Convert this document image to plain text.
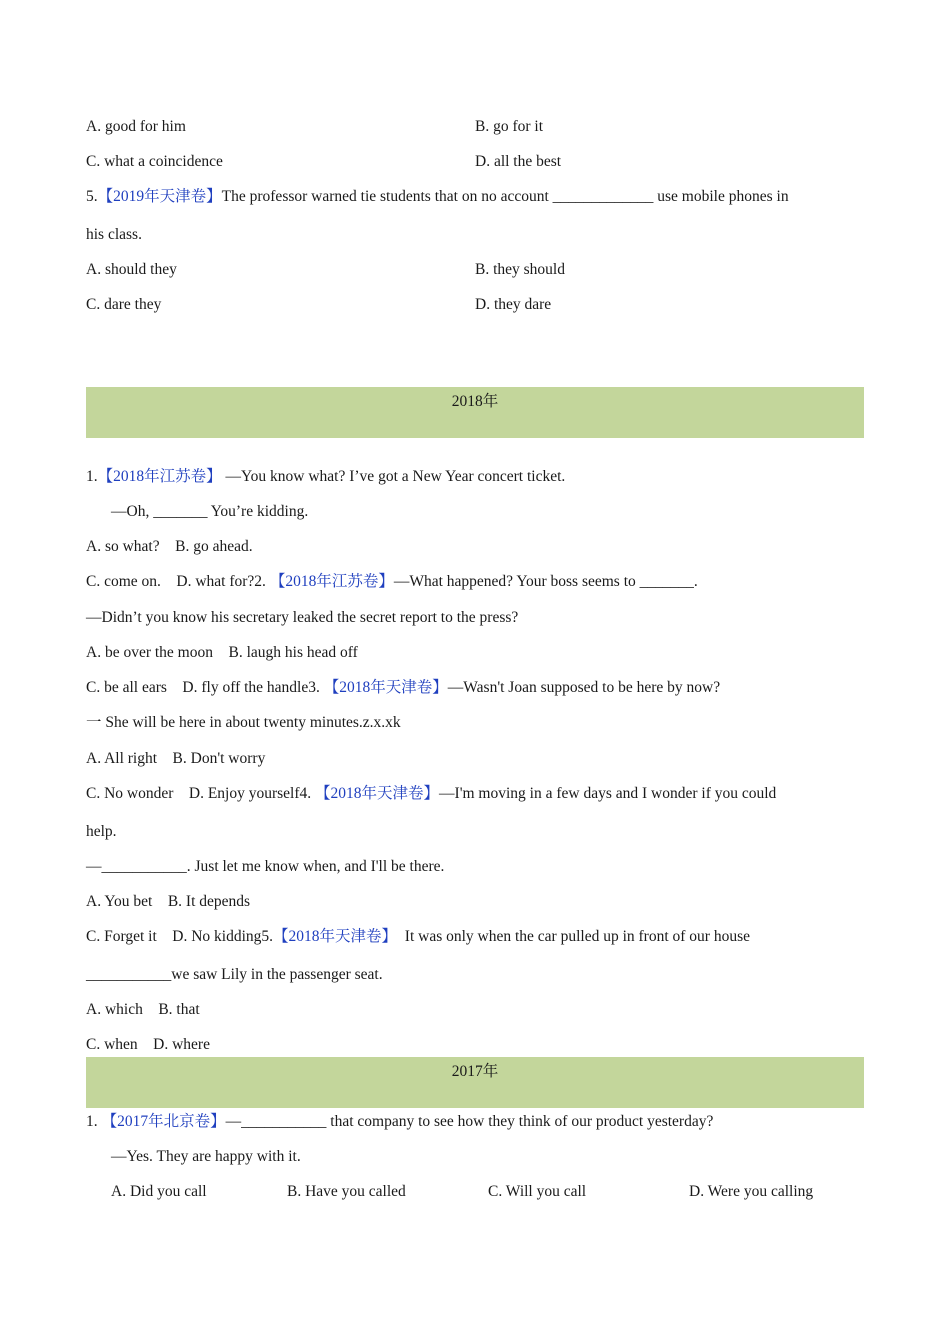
A. good for him	B. go for it
C. what a coincidence	D. all the best
5.【2019年天津卷】The professor warned tie students that on no account _____________ use mobile phones in
his class.
A. should they	B. they should
C. dare they	D. they dare
2018年
1.【2018年江苏卷】 —You know what? I’ve got a New Year concert ticket.
—Oh, _______ You’re kidding.
A. so what?    B. go ahead.
C. come on.    D. what for?2. 【2018年江苏卷】—What happened? Your boss seems to _______.
—Didn’t you know his secretary leaked the secret report to the press?
A. be over the moon    B. laugh his head off
C. be all ears    D. fly off the handle3. 【2018年天津卷】—Wasn't Joan supposed to be here by now?
一 She will be here in about twenty minutes.z.x.xk
A. All right    B. Don't worry
C. No wonder    D. Enjoy yourself4. 【2018年天津卷】—I'm moving in a few days and I wonder if you could
help.
—___________. Just let me know when, and I'll be there.
A. You bet    B. It depends
C. Forget it    D. No kidding5.【2018年天津卷】  It was only when the car pulled up in front of our house
___________we saw Lily in the passenger seat.
A. which    B. that
C. when    D. where
2017年
1. 【2017年北京卷】—___________ that company to see how they think of our product yesterday?
—Yes. They are happy with it.
A. Did you call	B. Have you called	C. Will you call	D. Were you calling
